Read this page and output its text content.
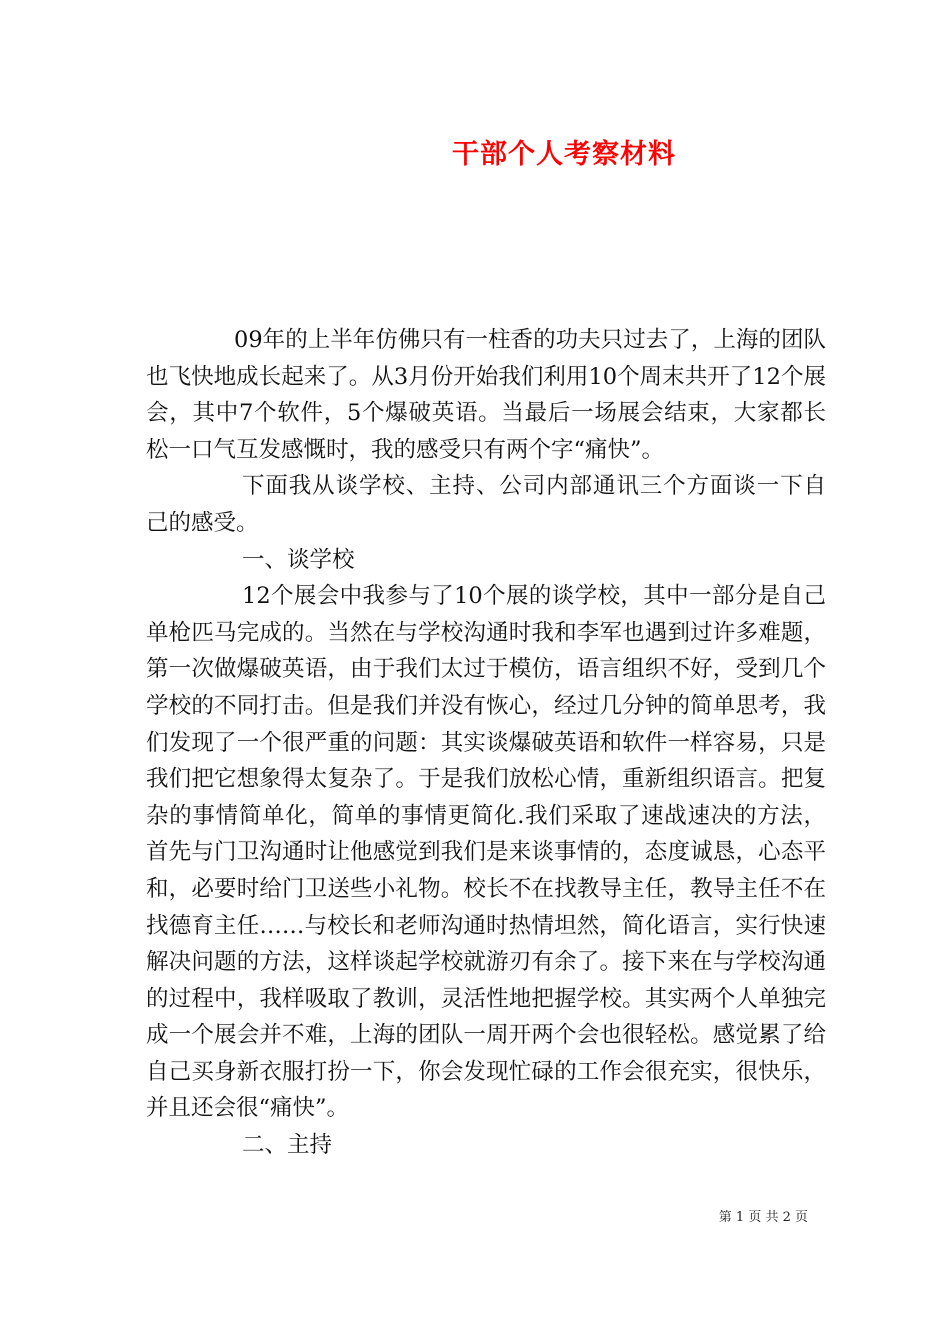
干部个人考察材料

09年的上半年仿佛只有一柱香的功夫只过去了，上海的团队也飞快地成长起来了。从3月份开始我们利用10个周末共开了12个展会，其中7个软件，5个爆破英语。当最后一场展会结束，大家都长松一口气互发感慨时，我的感受只有两个字“痛快”。

下面我从谈学校、主持、公司内部通讯三个方面谈一下自己的感受。

一、谈学校

12个展会中我参与了10个展的谈学校，其中一部分是自己单枪匹马完成的。当然在与学校沟通时我和李军也遇到过许多难题，第一次做爆破英语，由于我们太过于模仿，语言组织不好，受到几个学校的不同打击。但是我们并没有恢心，经过几分钟的简单思考，我们发现了一个很严重的问题：其实谈爆破英语和软件一样容易，只是我们把它想象得太复杂了。于是我们放松心情，重新组织语言。把复杂的事情简单化，简单的事情更简化.我们采取了速战速决的方法，首先与门卫沟通时让他感觉到我们是来谈事情的，态度诚恳，心态平和，必要时给门卫送些小礼物。校长不在找教导主任，教导主任不在找德育主任……与校长和老师沟通时热情坦然，简化语言，实行快速解决问题的方法，这样谈起学校就游刃有余了。接下来在与学校沟通的过程中，我样吸取了教训，灵活性地把握学校。其实两个人单独完成一个展会并不难，上海的团队一周开两个会也很轻松。感觉累了给自己买身新衣服打扮一下，你会发现忙碌的工作会很充实，很快乐，并且还会很“痛快”。

二、主持

第 1 页 共 2 页
